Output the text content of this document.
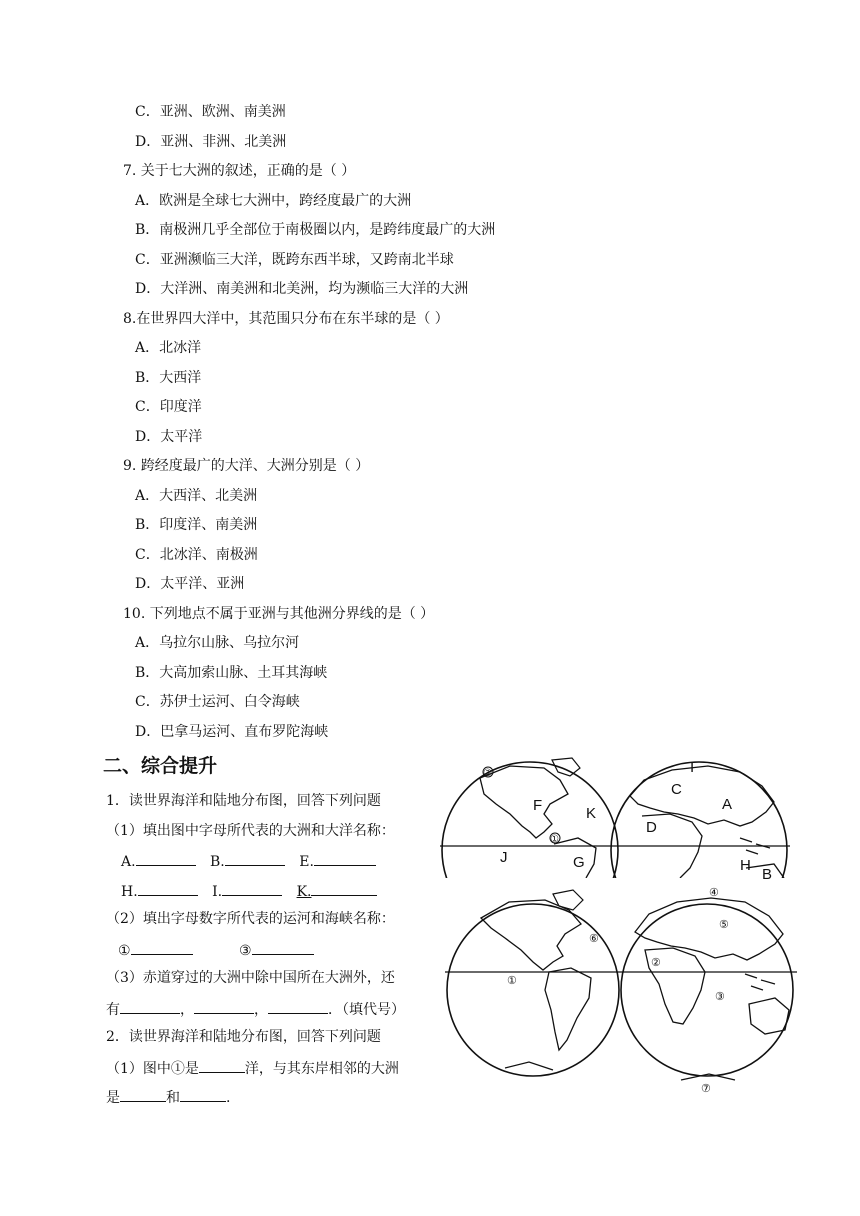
C．亚洲、欧洲、南美洲
D．亚洲、非洲、北美洲
7. 关于七大洲的叙述，正确的是（ ）
A．欧洲是全球七大洲中，跨经度最广的大洲
B．南极洲几乎全部位于南极圈以内，是跨纬度最广的大洲
C．亚洲濒临三大洋，既跨东西半球，又跨南北半球
D．大洋洲、南美洲和北美洲，均为濒临三大洋的大洲
8.在世界四大洋中，其范围只分布在东半球的是（ ）
A．北冰洋
B．大西洋
C．印度洋
D．太平洋
9. 跨经度最广的大洋、大洲分别是（ ）
A．大西洋、北美洲
B．印度洋、南美洲
C．北冰洋、南极洲
D．太平洋、亚洲
10. 下列地点不属于亚洲与其他洲分界线的是（ ）
A．乌拉尔山脉、乌拉尔河
B．大高加索山脉、土耳其海峡
C．苏伊士运河、白令海峡
D．巴拿马运河、直布罗陀海峡
二、综合提升
1．读世界海洋和陆地分布图，回答下列问题
（1）填出图中字母所代表的大洲和大洋名称：
A.	B.	E.
H.	I.	K.
（2）填出字母数字所代表的运河和海峡名称：
①	③
（3）赤道穿过的大洲中除中国所在大洲外，还
有	，	，	．（填代号）
2．读世界海洋和陆地分布图，回答下列问题
（1）图中①是	洋，与其东岸相邻的大洲
是	和	.
F	K
J	G
C
I
A
D
H
B
③
①
①
②
③
④
⑤
⑥
⑦
